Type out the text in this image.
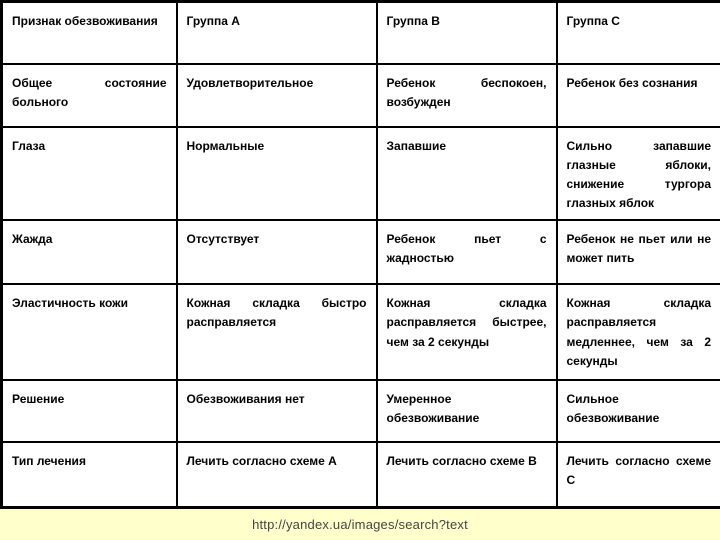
Признак обезвоживания	Группа А	Группа В	Группа С
Общее состояние больного	Удовлетворительное	Ребенок беспокоен, возбужден	Ребенок без сознания
Глаза	Нормальные	Запавшие	Сильно запавшие глазные яблоки, снижение тургора глазных яблок
Жажда	Отсутствует	Ребенок пьет с жадностью	Ребенок не пьет или не может пить
Эластичность кожи	Кожная складка быстро расправляется	Кожная складка расправляется быстрее, чем за 2 секунды	Кожная складка расправляется медленнее, чем за 2 секунды
Решение	Обезвоживания нет	Умеренное обезвоживание	Сильное обезвоживание
Тип лечения	Лечить согласно схеме А	Лечить согласно схеме В	Лечить согласно схеме С
http://yandex.ua/images/search?text
